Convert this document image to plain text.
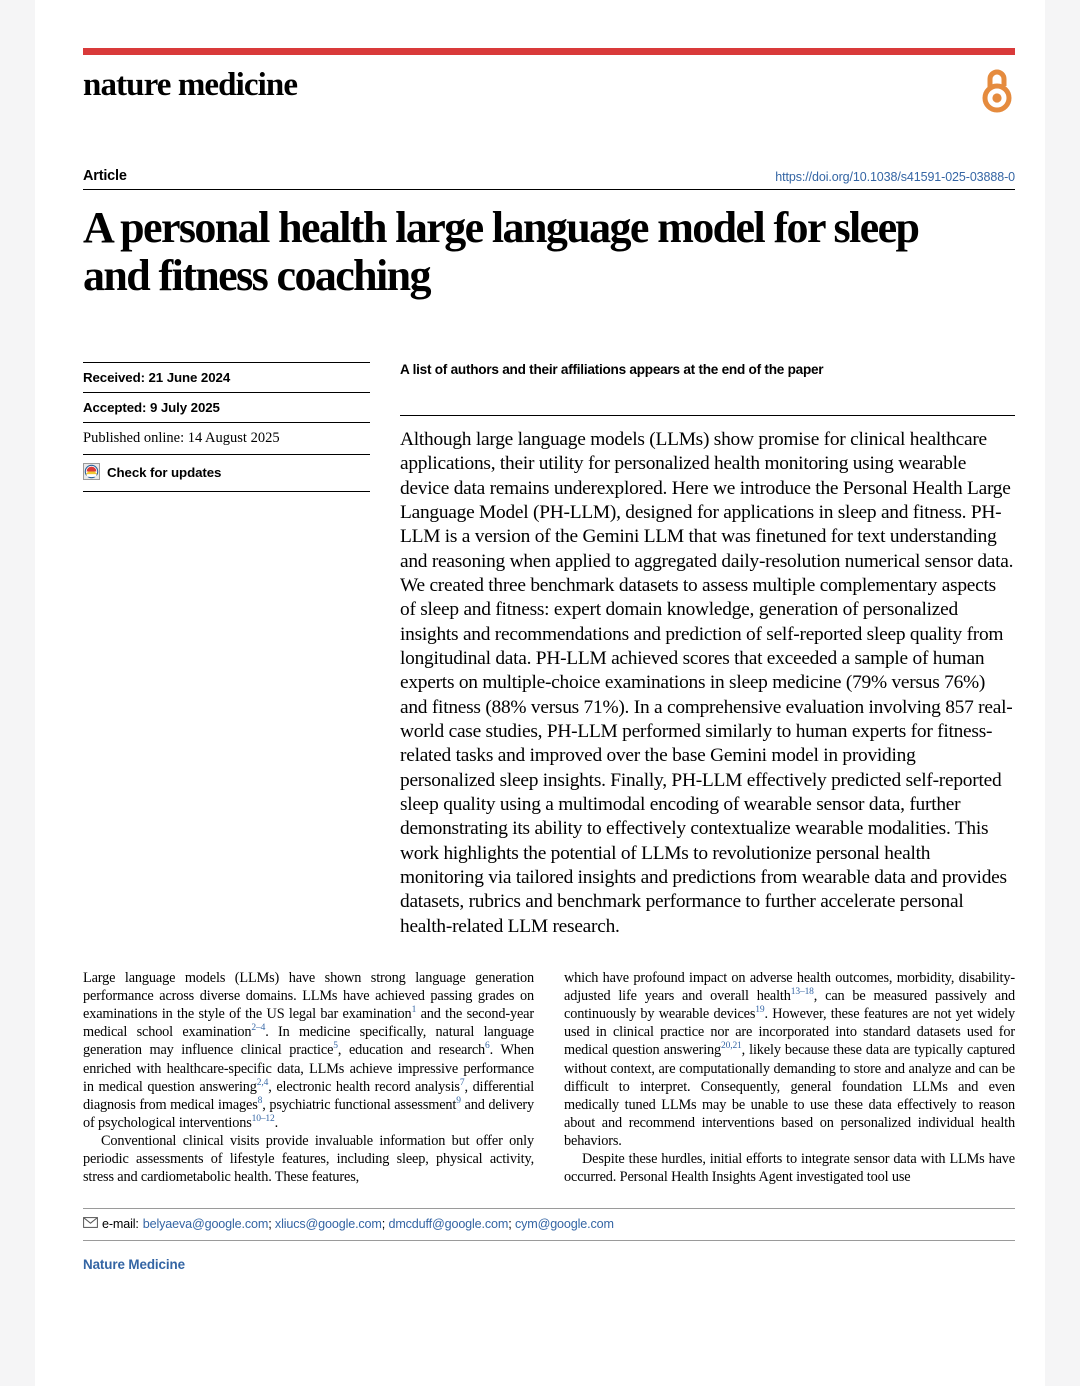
nature medicine
Article	https://doi.org/10.1038/s41591-025-03888-0
A personal health large language model for sleep and fitness coaching
Received: 21 June 2024
Accepted: 9 July 2025
Published online: 14 August 2025
Check for updates
A list of authors and their affiliations appears at the end of the paper
Although large language models (LLMs) show promise for clinical healthcare applications, their utility for personalized health monitoring using wearable device data remains underexplored. Here we introduce the Personal Health Large Language Model (PH-LLM), designed for applications in sleep and fitness. PH-LLM is a version of the Gemini LLM that was finetuned for text understanding and reasoning when applied to aggregated daily-resolution numerical sensor data. We created three benchmark datasets to assess multiple complementary aspects of sleep and fitness: expert domain knowledge, generation of personalized insights and recommendations and prediction of self-reported sleep quality from longitudinal data. PH-LLM achieved scores that exceeded a sample of human experts on multiple-choice examinations in sleep medicine (79% versus 76%) and fitness (88% versus 71%). In a comprehensive evaluation involving 857 real-world case studies, PH-LLM performed similarly to human experts for fitness-related tasks and improved over the base Gemini model in providing personalized sleep insights. Finally, PH-LLM effectively predicted self-reported sleep quality using a multimodal encoding of wearable sensor data, further demonstrating its ability to effectively contextualize wearable modalities. This work highlights the potential of LLMs to revolutionize personal health monitoring via tailored insights and predictions from wearable data and provides datasets, rubrics and benchmark performance to further accelerate personal health-related LLM research.

Large language models (LLMs) have shown strong language generation performance across diverse domains. LLMs have achieved passing grades on examinations in the style of the US legal bar examination$^1$ and the second-year medical school examination$^{2-4}$. In medicine specifically, natural language generation may influence clinical practice$^5$, education and research$^6$. When enriched with healthcare-specific data, LLMs achieve impressive performance in medical question answering$^{2,4}$, electronic health record analysis$^7$, differential diagnosis from medical images$^8$, psychiatric functional assessment$^9$ and delivery of psychological interventions$^{10-12}$.

Conventional clinical visits provide invaluable information but offer only periodic assessments of lifestyle features, including sleep, physical activity, stress and cardiometabolic health. These features,

which have profound impact on adverse health outcomes, morbidity, disability-adjusted life years and overall health$^{13-18}$, can be measured passively and continuously by wearable devices$^{19}$. However, these features are not yet widely used in clinical practice nor are incorporated into standard datasets used for medical question answering$^{20,21}$, likely because these data are typically captured without context, are computationally demanding to store and analyze and can be difficult to interpret. Consequently, general foundation LLMs and even medically tuned LLMs may be unable to use these data effectively to reason about and recommend interventions based on personalized individual health behaviors.

Despite these hurdles, initial efforts to integrate sensor data with LLMs have occurred. Personal Health Insights Agent investigated tool use

e-mail: belyaeva@google.com; xliucs@google.com; dmcduff@google.com; cym@google.com
Nature Medicine
